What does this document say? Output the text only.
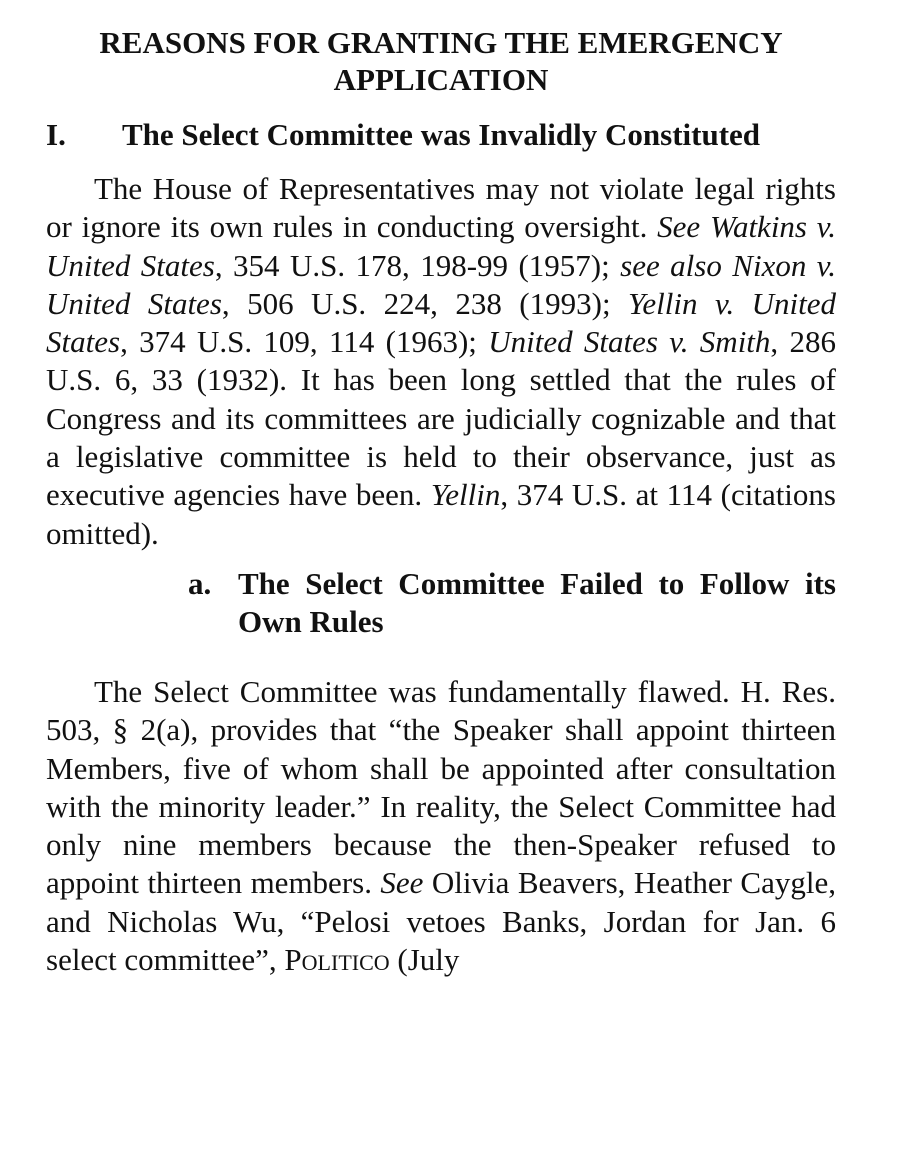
REASONS FOR GRANTING THE EMERGENCY
APPLICATION
I.	The Select Committee was Invalidly Constituted

The House of Representatives may not violate legal rights or ignore its own rules in conducting oversight. See Watkins v. United States, 354 U.S. 178, 198-99 (1957); see also Nixon v. United States, 506 U.S. 224, 238 (1993); Yellin v. United States, 374 U.S. 109, 114 (1963); United States v. Smith, 286 U.S. 6, 33 (1932). It has been long settled that the rules of Congress and its committees are judicially cognizable and that a legislative committee is held to their observance, just as executive agencies have been. Yellin, 374 U.S. at 114 (citations omitted).

a. The Select Committee Failed to Follow its Own Rules

The Select Committee was fundamentally flawed. H. Res. 503, § 2(a), provides that “the Speaker shall appoint thirteen Members, five of whom shall be appointed after consultation with the minority leader.” In reality, the Select Committee had only nine members because the then-Speaker refused to appoint thirteen members. See Olivia Beavers, Heather Caygle, and Nicholas Wu, “Pelosi vetoes Banks, Jordan for Jan. 6 select committee”, Politico (July
